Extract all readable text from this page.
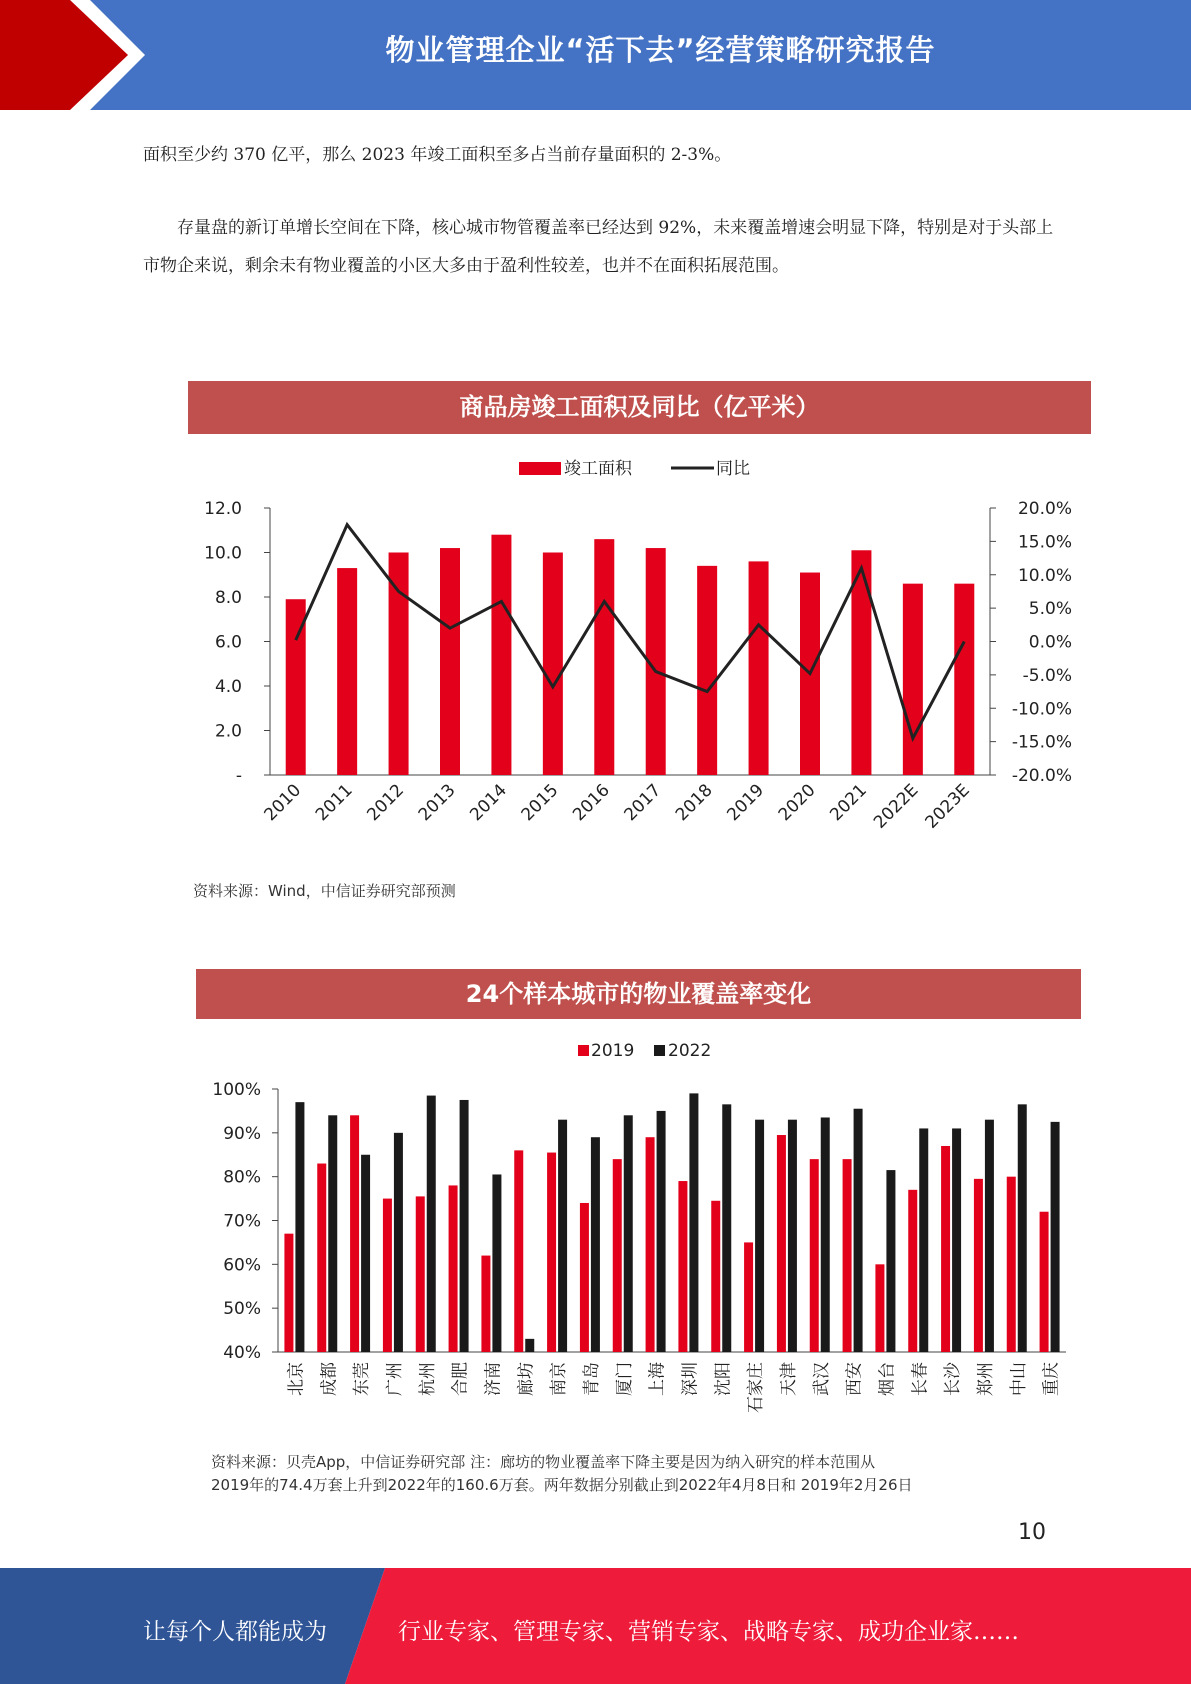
物业管理企业“活下去”经营策略研究报告

面积至少约 370 亿平，那么 2023 年竣工面积至多占当前存量面积的 2-3%。

存量盘的新订单增长空间在下降，核心城市物管覆盖率已经达到 92%，未来覆盖增速会明显下降，特别是对于头部上市物企来说，剩余未有物业覆盖的小区大多由于盈利性较差，也并不在面积拓展范围。

商品房竣工面积及同比（亿平米）
竣工面积	同比
-
2.0
4.0
6.0
8.0
10.0
12.0
-20.0%
-15.0%
-10.0%
-5.0%
0.0%
5.0%
10.0%
15.0%
20.0%
2010 2011 2012 2013 2014 2015 2016 2017 2018 2019 2020 2021 2022E 2023E
资料来源：Wind，中信证券研究部预测
24个样本城市的物业覆盖率变化
2019 2022
40%
50%
60%
70%
80%
90%
100%
北京 成都 东莞 广州 杭州 合肥 济南 廊坊 南京 青岛 厦门 上海 深圳 沈阳 石家庄 天津 武汉 西安 烟台 长春 长沙 郑州 中山 重庆
资料来源：贝壳App，中信证券研究部 注：廊坊的物业覆盖率下降主要是因为纳入研究的样本范围从
2019年的74.4万套上升到2022年的160.6万套。两年数据分别截止到2022年4月8日和 2019年2月26日
10
让每个人都能成为	行业专家、管理专家、营销专家、战略专家、成功企业家……
